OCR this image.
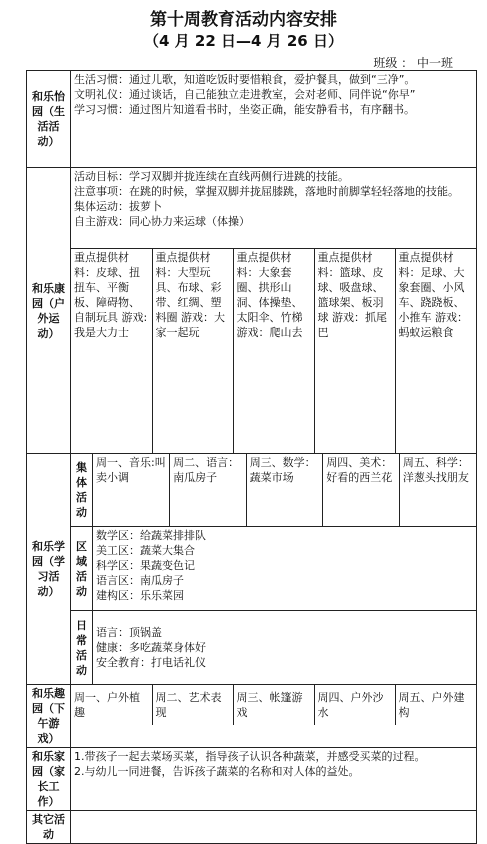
第十周教育活动内容安排
（4 月 22 日—4 月 26 日）
班级 ： 中一班
和乐怡园（生活活动）	
生活习惯：通过儿歌，知道吃饭时要惜粮食，爱护餐具，做到“三净”。
文明礼仪：通过谈话，自己能独立走进教室，会对老师、同伴说“你早”
学习习惯：通过图片知道看书时，坐姿正确，能安静看书，有序翻书。

和乐康园（户外运动）	
活动目标：学习双脚并拢连续在直线两侧行进跳的技能。
注意事项：在跳的时候，掌握双脚并拢屈膝跳，落地时前脚掌轻轻落地的技能。
集体运动：拔萝卜
自主游戏：同心协力来运球（体操）
重点提供材料：皮球、扭扭车、平衡板、障碍物、自制玩具 游戏:我是大力士	重点提供材料：大型玩具、布球、彩带、红绸、塑料圈 游戏：大家一起玩	重点提供材料：大象套圈、拱形山洞、体操垫、太阳伞、竹梯 游戏：爬山去	重点提供材料：篮球、皮球、吸盘球、篮球架、板羽球 游戏：抓尾巴	重点提供材料：足球、大象套圈、小风车、跷跷板、小推车 游戏：蚂蚁运粮食

和乐学园（学习活动）	集体活动	
周一、音乐:叫卖小调	周二、语言：南瓜房子	周三、数学：蔬菜市场	周四、美术：好看的西兰花	周五、科学：洋葱头找朋友

区域活动	
数学区：给蔬菜排排队
美工区：蔬菜大集合
科学区：果蔬变色记
语言区：南瓜房子
建构区：乐乐菜园

日常活动	
语言：顶锅盖
健康：多吃蔬菜身体好
安全教育：打电话礼仪

和乐趣园（下午游戏）	
周一、户外植趣	周二、艺术表现	周三、帐篷游戏	周四、户外沙水	周五、户外建构

和乐家园（家长工作）	
1.带孩子一起去菜场买菜，指导孩子认识各种蔬菜，并感受买菜的过程。
2.与幼儿一同进餐，告诉孩子蔬菜的名称和对人体的益处。

其它活动	
